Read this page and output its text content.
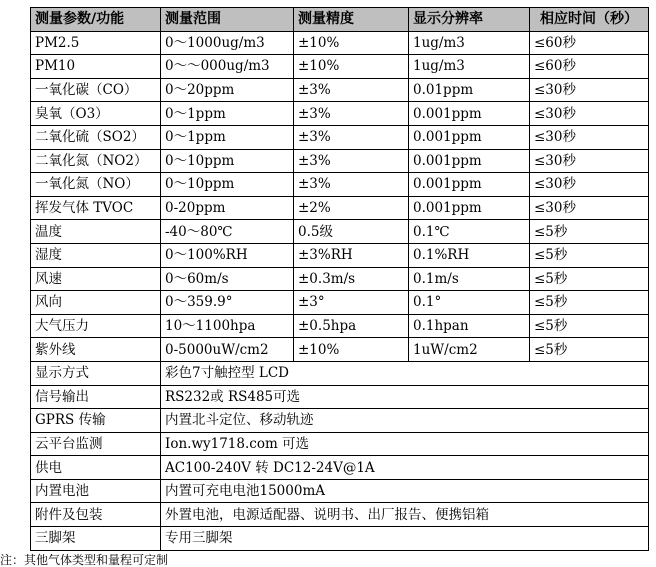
测量参数/功能	测量范围	测量精度	显示分辨率	相应时间（秒）
PM2.5	0～1000ug/m3	±10%	1ug/m3	≤60秒
PM10	0～～000ug/m3	±10%	1ug/m3	≤60秒
一氧化碳（CO）	0～20ppm	±3%	0.01ppm	≤30秒
臭氧（O3）	0～1ppm	±3%	0.001ppm	≤30秒
二氧化硫（SO2）	0～1ppm	±3%	0.001ppm	≤30秒
二氧化氮（NO2）	0～10ppm	±3%	0.001ppm	≤30秒
一氧化氮（NO）	0～10ppm	±3%	0.001ppm	≤30秒
挥发气体 TVOC	0-20ppm	±2%	0.001ppm	≤30秒
温度	-40～80℃	0.5级	0.1℃	≤5秒
湿度	0～100%RH	±3%RH	0.1%RH	≤5秒
风速	0～60m/s	±0.3m/s	0.1m/s	≤5秒
风向	0～359.9°	±3°	0.1°	≤5秒
大气压力	10～1100hpa	±0.5hpa	0.1hpan	≤5秒
紫外线	0-5000uW/cm2	±10%	1uW/cm2	≤5秒
显示方式	彩色7寸触控型 LCD			
信号输出	RS232或 RS485可选			
GPRS 传输	内置北斗定位、移动轨迹			
云平台监测	Ion.wy1718.com 可选			
供电	AC100-240V 转 DC12-24V@1A			
内置电池	内置可充电电池15000mA			
附件及包装	外置电池，电源适配器、说明书、出厂报告、便携铝箱			
三脚架	专用三脚架			
注：其他气体类型和量程可定制
